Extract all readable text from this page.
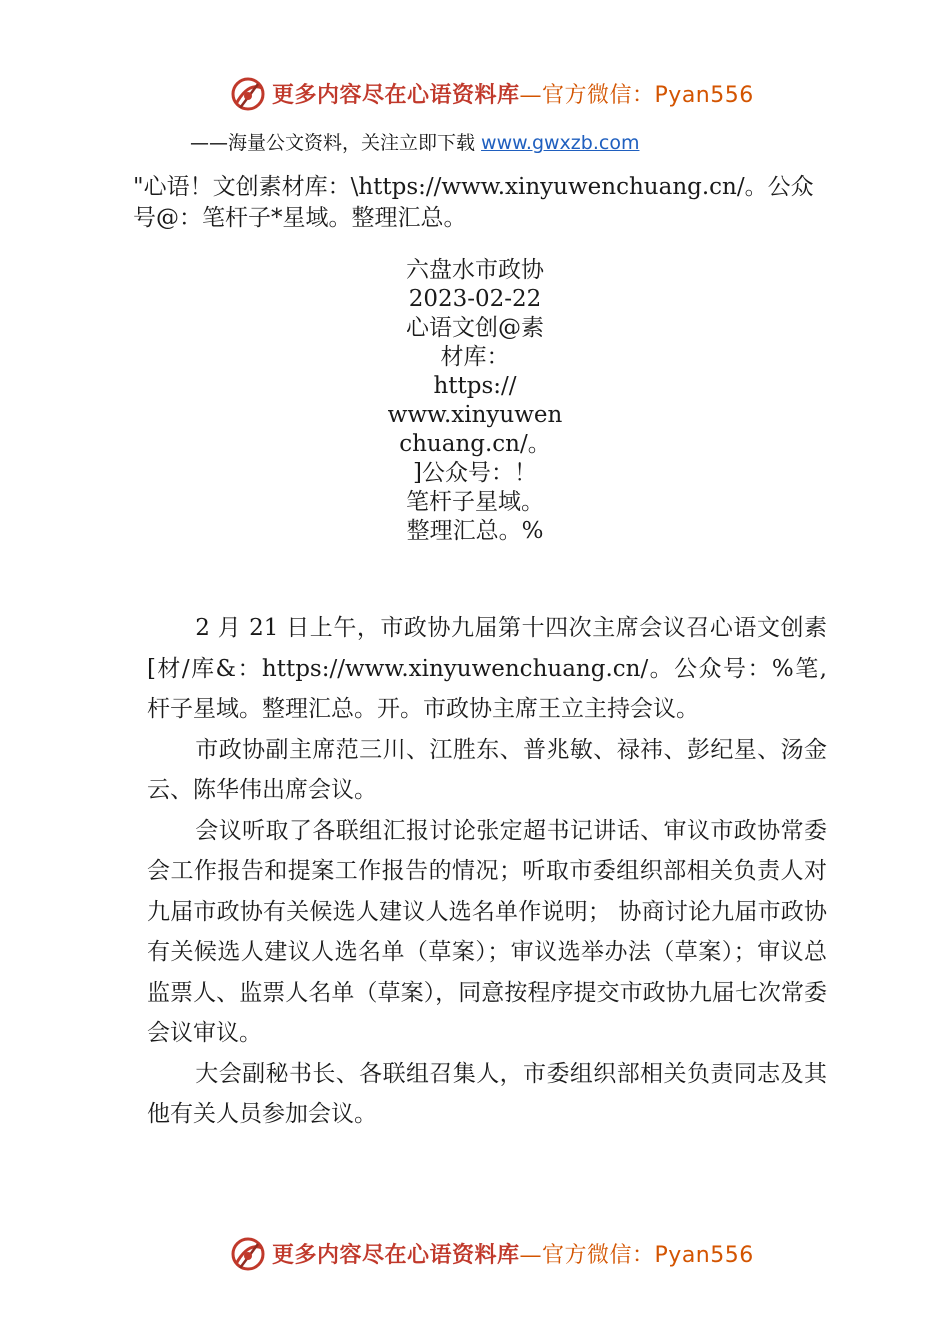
更多内容尽在心语资料库—官方微信：Pyan556
——海量公文资料，关注立即下载 www.gwxzb.com

"心语！文创素材库：\https://www.xinyuwenchuang.cn/。公众号@：笔杆子*星域。整理汇总。

六盘水市政协
2023-02-22
心语文创@素
材库：
https://
www.xinyuwen
chuang.cn/。
]公众号：！
笔杆子星域。
整理汇总。%

2 月 21 日上午，市政协九届第十四次主席会议召心语文创素[材/库&：https://www.xinyuwenchuang.cn/。公众号：%笔,杆子星域。整理汇总。开。市政协主席王立主持会议。

市政协副主席范三川、江胜东、普兆敏、禄祎、彭纪星、汤金云、陈华伟出席会议。

会议听取了各联组汇报讨论张定超书记讲话、审议市政协常委会工作报告和提案工作报告的情况；听取市委组织部相关负责人对九届市政协有关候选人建议人选名单作说明； 协商讨论九届市政协有关候选人建议人选名单（草案）；审议选举办法（草案）；审议总监票人、监票人名单（草案），同意按程序提交市政协九届七次常委会议审议。

大会副秘书长、各联组召集人，市委组织部相关负责同志及其他有关人员参加会议。

更多内容尽在心语资料库—官方微信：Pyan556
